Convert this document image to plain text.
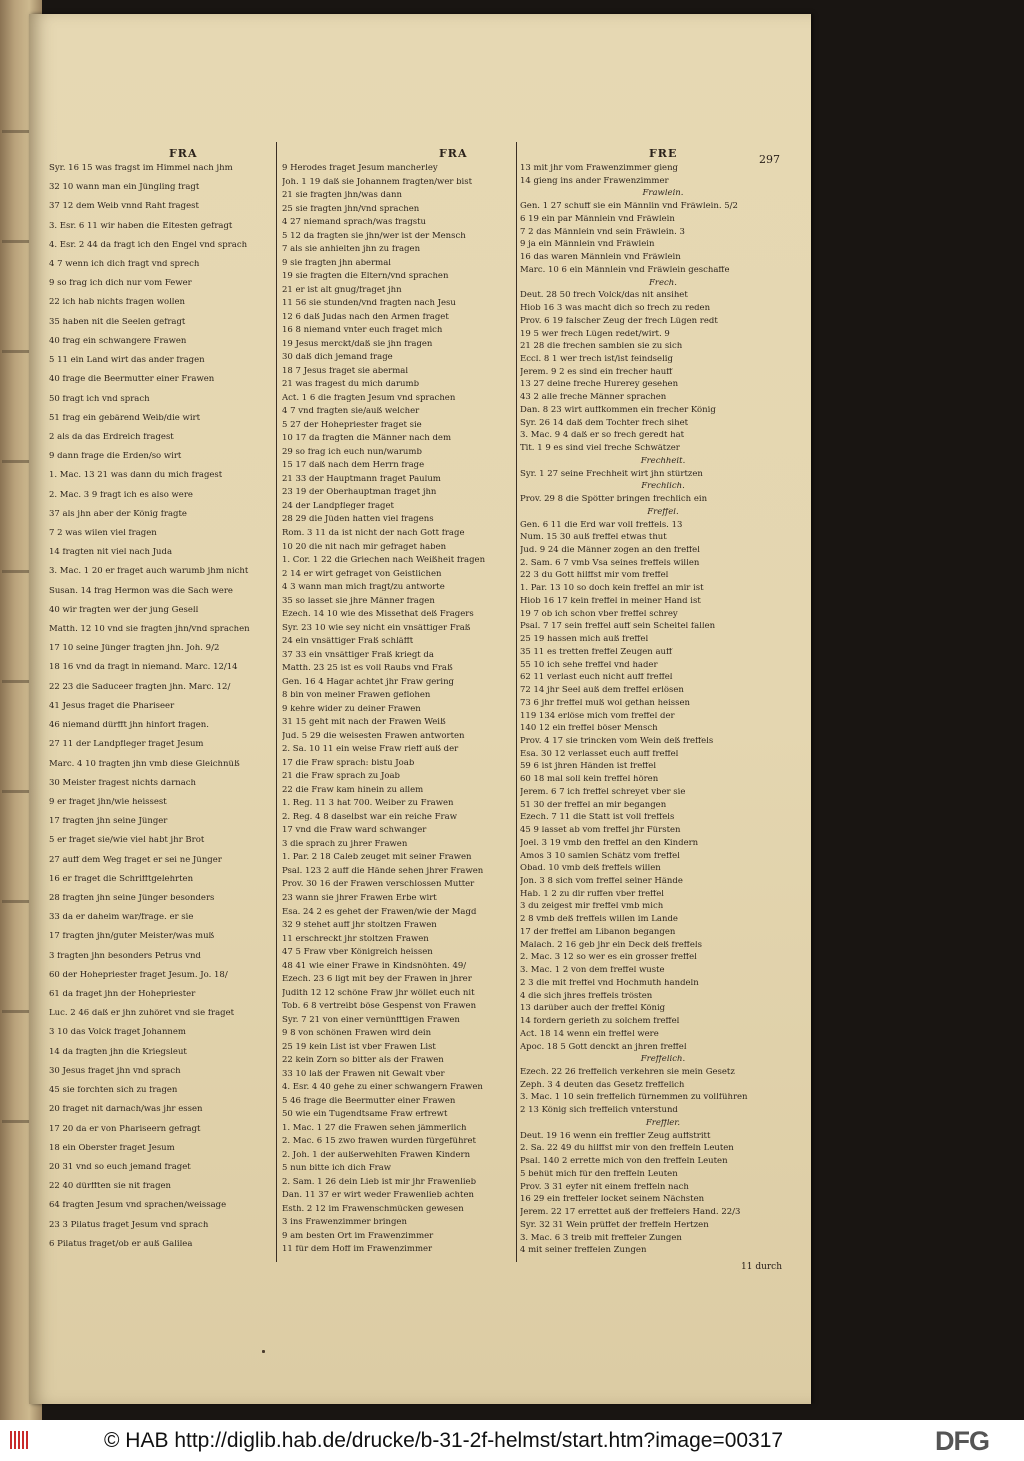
FRA	FRA	FRE	297
Syr. 16 15 was fragst im Himmel nach jhm
32 10 wann man ein Jüngling fragt
37 12 dem Weib vnnd Raht fragest
3. Esr. 6 11 wir haben die Eltesten gefragt
4. Esr. 2 44 da fragt ich den Engel vnd sprach
4 7 wenn ich dich fragt vnd sprech
9 so frag ich dich nur vom Fewer
22 ich hab nichts fragen wollen
35 haben nit die Seelen gefragt
40 frag ein schwangere Frawen
5 11 ein Land wirt das ander fragen
40 frage die Beermutter einer Frawen
50 fragt ich vnd sprach
51 frag ein gebärend Weib/die wirt
2 als da das Erdreich fragest
9 dann frage die Erden/so wirt
1. Mac. 13 21 was dann du mich fragest
2. Mac. 3 9 fragt ich es also were
37 als jhn aber der König fragte
7 2 was wilen viel fragen
14 fragten nit viel nach Juda
3. Mac. 1 20 er fraget auch warumb jhm nicht
Susan. 14 frag Hermon was die Sach were
40 wir fragten wer der jung Gesell
Matth. 12 10 vnd sie fragten jhn/vnd sprachen
17 10 seine Jünger fragten jhn. Joh. 9/2
18 16 vnd da fragt in niemand. Marc. 12/14
22 23 die Saduceer fragten jhn. Marc. 12/
41 Jesus fraget die Phariseer
46 niemand dürfft jhn hinfort fragen.
27 11 der Landpfleger fraget Jesum
Marc. 4 10 fragten jhn vmb diese Gleichnüß
30 Meister fragest nichts darnach
9 er fraget jhn/wie heissest
17 fragten jhn seine Jünger
5 er fraget sie/wie viel habt jhr Brot
27 auff dem Weg fraget er sei ne Jünger
16 er fraget die Schrifftgelehrten
28 fragten jhn seine Jünger besonders
33 da er daheim war/frage. er sie
17 fragten jhn/guter Meister/was muß
3 fragten jhn besonders Petrus vnd
60 der Hohepriester fraget Jesum. Jo. 18/
61 da fraget jhn der Hohepriester
Luc. 2 46 daß er jhn zuhöret vnd sie fraget
3 10 das Volck fraget Johannem
14 da fragten jhn die Kriegsleut
30 Jesus fraget jhn vnd sprach
45 sie forchten sich zu fragen
20 fraget nit darnach/was jhr essen
17 20 da er von Phariseern gefragt
18 ein Oberster fraget Jesum
20 31 vnd so euch jemand fraget
22 40 dürfften sie nit fragen
64 fragten Jesum vnd sprachen/weissage
23 3 Pilatus fraget Jesum vnd sprach
6 Pilatus fraget/ob er auß Galilea
9 Herodes fraget Jesum mancherley
Joh. 1 19 daß sie Johannem fragten/wer bist
21 sie fragten jhn/was dann
25 sie fragten jhn/vnd sprachen
4 27 niemand sprach/was fragstu
5 12 da fragten sie jhn/wer ist der Mensch
7 als sie anhielten jhn zu fragen
9 sie fragten jhn abermal
19 sie fragten die Eltern/vnd sprachen
21 er ist alt gnug/fraget jhn
11 56 sie stunden/vnd fragten nach Jesu
12 6 daß Judas nach den Armen fraget
16 8 niemand vnter euch fraget mich
19 Jesus merckt/daß sie jhn fragen
30 daß dich jemand frage
18 7 Jesus fraget sie abermal
21 was fragest du mich darumb
Act. 1 6 die fragten Jesum vnd sprachen
4 7 vnd fragten sie/auß welcher
5 27 der Hohepriester fraget sie
10 17 da fragten die Männer nach dem
29 so frag ich euch nun/warumb
15 17 daß nach dem Herrn frage
21 33 der Hauptmann fraget Paulum
23 19 der Oberhauptman fraget jhn
24 der Landpfleger fraget
28 29 die Jüden hatten viel fragens
Rom. 3 11 da ist nicht der nach Gott frage
10 20 die nit nach mir gefraget haben
1. Cor. 1 22 die Griechen nach Weißheit fragen
2 14 er wirt gefraget von Geistlichen
4 3 wann man mich fragt/zu antworte
35 so lasset sie jhre Männer fragen
Ezech. 14 10 wie des Missethat deß Fragers
Syr. 23 10 wie sey nicht ein vnsättiger Fraß
24 ein vnsättiger Fraß schläfft
37 33 ein vnsättiger Fraß kriegt da
Matth. 23 25 ist es voll Raubs vnd Fraß
Gen. 16 4 Hagar achtet jhr Fraw gering
8 bin von meiner Frawen geflohen
9 kehre wider zu deiner Frawen
31 15 geht mit nach der Frawen Weiß
Jud. 5 29 die weisesten Frawen antworten
2. Sa. 10 11 ein weise Fraw rieff auß der
17 die Fraw sprach: bistu Joab
21 die Fraw sprach zu Joab
22 die Fraw kam hinein zu allem
1. Reg. 11 3 hat 700. Weiber zu Frawen
2. Reg. 4 8 daselbst war ein reiche Fraw
17 vnd die Fraw ward schwanger
3 die sprach zu jhrer Frawen
1. Par. 2 18 Caleb zeuget mit seiner Frawen
Psal. 123 2 auff die Hände sehen jhrer Frawen
Prov. 30 16 der Frawen verschlossen Mutter
23 wann sie jhrer Frawen Erbe wirt
Esa. 24 2 es gehet der Frawen/wie der Magd
32 9 stehet auff jhr stoltzen Frawen
11 erschreckt jhr stoltzen Frawen
47 5 Fraw vber Königreich heissen
48 41 wie einer Frawe in Kindsnöhten. 49/
Ezech. 23 6 ligt mit bey der Frawen in jhrer
Judith 12 12 schöne Fraw jhr wöllet euch nit
Tob. 6 8 vertreibt böse Gespenst von Frawen
Syr. 7 21 von einer vernünfftigen Frawen
9 8 von schönen Frawen wird dein
25 19 kein List ist vber Frawen List
22 kein Zorn so bitter als der Frawen
33 10 laß der Frawen nit Gewalt vber
4. Esr. 4 40 gehe zu einer schwangern Frawen
5 46 frage die Beermutter einer Frawen
50 wie ein Tugendtsame Fraw erfrewt
1. Mac. 1 27 die Frawen sehen jämmerlich
2. Mac. 6 15 zwo frawen wurden fürgeführet
2. Joh. 1 der außerwehlten Frawen Kindern
5 nun bitte ich dich Fraw
2. Sam. 1 26 dein Lieb ist mir jhr Frawenlieb
Dan. 11 37 er wirt weder Frawenlieb achten
Esth. 2 12 im Frawenschmücken gewesen
3 ins Frawenzimmer bringen
9 am besten Ort im Frawenzimmer
11 für dem Hoff im Frawenzimmer
13 mit jhr vom Frawenzimmer gieng
14 gieng ins ander Frawenzimmer
Frawlein.
Gen. 1 27 schuff sie ein Männlin vnd Fräwlein. 5/2
6 19 ein par Männlein vnd Fräwlein
7 2 das Männlein vnd sein Fräwlein. 3
9 ja ein Männlein vnd Fräwlein
16 das waren Männlein vnd Fräwlein
Marc. 10 6 ein Männlein vnd Fräwlein geschaffe
Frech.
Deut. 28 50 frech Volck/das nit ansihet
Hiob 16 3 was macht dich so frech zu reden
Prov. 6 19 falscher Zeug der frech Lügen redt
19 5 wer frech Lügen redet/wirt. 9
21 28 die frechen samblen sie zu sich
Eccl. 8 1 wer frech ist/ist feindselig
Jerem. 9 2 es sind ein frecher hauff
13 27 deine freche Hurerey gesehen
43 2 alle freche Männer sprachen
Dan. 8 23 wirt auffkommen ein frecher König
Syr. 26 14 daß dem Tochter frech sihet
3. Mac. 9 4 daß er so frech geredt hat
Tit. 1 9 es sind viel freche Schwätzer
Frechheit.
Syr. 1 27 seine Frechheit wirt jhn stürtzen
Frechlich.
Prov. 29 8 die Spötter bringen frechlich ein
Freffel.
Gen. 6 11 die Erd war voll freffels. 13
Num. 15 30 auß freffel etwas thut
Jud. 9 24 die Männer zogen an den freffel
2. Sam. 6 7 vmb Vsa seines freffels willen
22 3 du Gott hilffst mir vom freffel
1. Par. 13 10 so doch kein freffel an mir ist
Hiob 16 17 kein freffel in meiner Hand ist
19 7 ob ich schon vber freffel schrey
Psal. 7 17 sein freffel auff sein Scheitel fallen
25 19 hassen mich auß freffel
35 11 es tretten freffel Zeugen auff
55 10 ich sehe freffel vnd hader
62 11 verlast euch nicht auff freffel
72 14 jhr Seel auß dem freffel erlösen
73 6 jhr freffel muß wol gethan heissen
119 134 erlöse mich vom freffel der
140 12 ein freffel böser Mensch
Prov. 4 17 sie trincken vom Wein deß freffels
Esa. 30 12 verlasset euch auff freffel
59 6 ist jhren Händen ist freffel
60 18 mal soll kein freffel hören
Jerem. 6 7 ich freffel schreyet vber sie
51 30 der freffel an mir begangen
Ezech. 7 11 die Statt ist voll freffels
45 9 lasset ab vom freffel jhr Fürsten
Joel. 3 19 vmb den freffel an den Kindern
Amos 3 10 samlen Schätz vom freffel
Obad. 10 vmb deß freffels willen
Jon. 3 8 sich vom freffel seiner Hände
Hab. 1 2 zu dir ruffen vber freffel
3 du zeigest mir freffel vmb mich
2 8 vmb deß freffels willen im Lande
17 der freffel am Libanon begangen
Malach. 2 16 geb jhr ein Deck deß freffels
2. Mac. 3 12 so wer es ein grosser freffel
3. Mac. 1 2 von dem freffel wuste
2 3 die mit freffel vnd Hochmuth handeln
4 die sich jhres freffels trösten
13 darüber auch der freffel König
14 fordern gerieth zu solchem freffel
Act. 18 14 wenn ein freffel were
Apoc. 18 5 Gott denckt an jhren freffel
Freffelich.
Ezech. 22 26 freffelich verkehren sie mein Gesetz
Zeph. 3 4 deuten das Gesetz freffelich
3. Mac. 1 10 sein freffelich fürnemmen zu vollführen
2 13 König sich freffelich vnterstund
Freffler.
Deut. 19 16 wenn ein freffler Zeug auffstritt
2. Sa. 22 49 du hilffst mir von den freffeln Leuten
Psal. 140 2 errette mich von den freffeln Leuten
5 behüt mich für den freffeln Leuten
Prov. 3 31 eyfer nit einem freffeln nach
16 29 ein freffeler locket seinem Nächsten
Jerem. 22 17 errettet auß der freffelers Hand. 22/3
Syr. 32 31 Wein prüffet der freffeln Hertzen
3. Mac. 6 3 treib mit freffeler Zungen
4 mit seiner freffelen Zungen
11 durch
© HAB http://diglib.hab.de/drucke/b-31-2f-helmst/start.htm?image=00317	DFG
